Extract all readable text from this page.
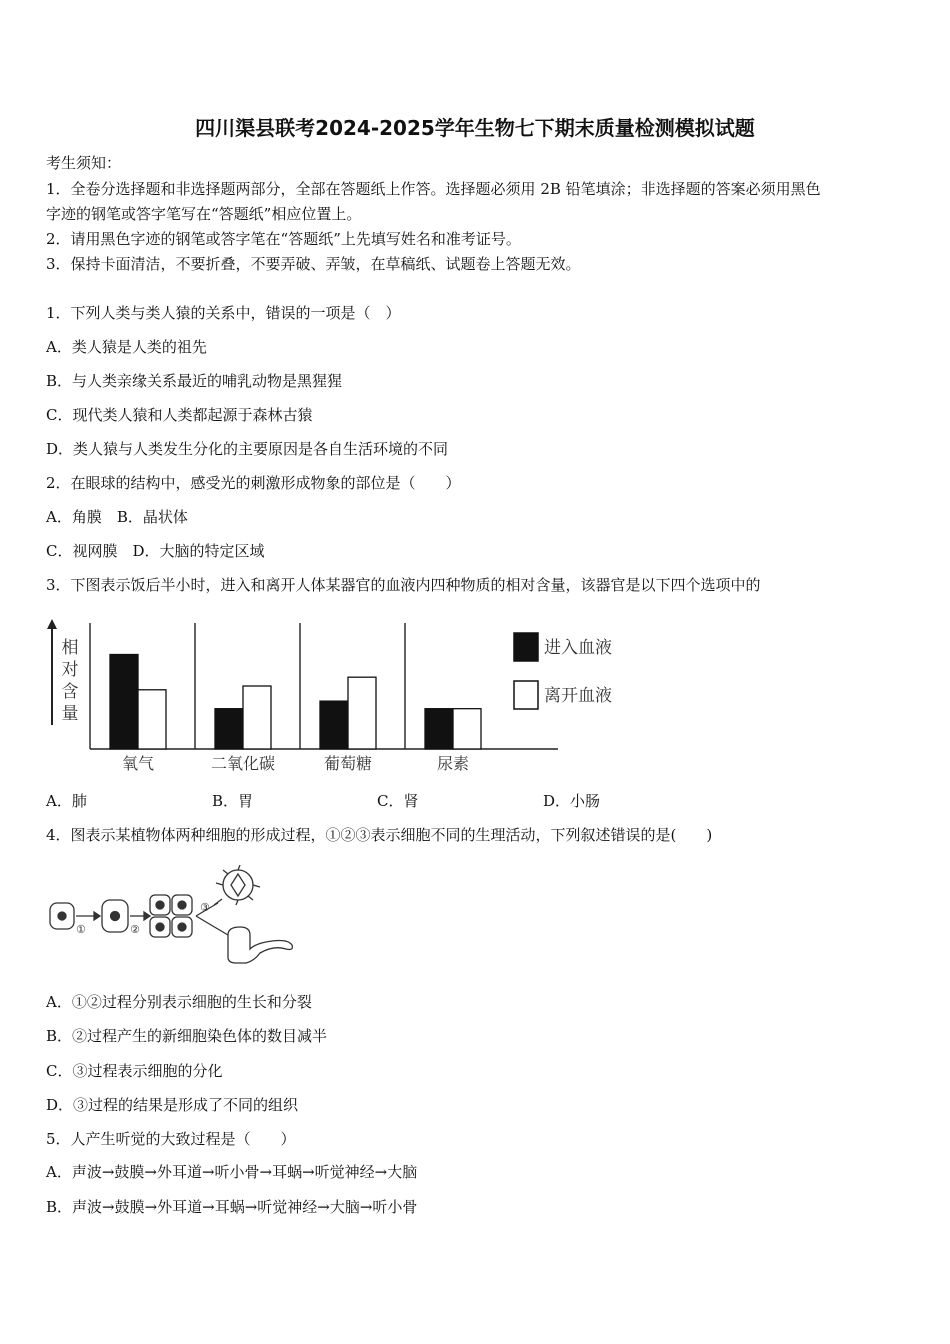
四川渠县联考2024-2025学年生物七下期末质量检测模拟试题
考生须知：
1．全卷分选择题和非选择题两部分，全部在答题纸上作答。选择题必须用 2B 铅笔填涂；非选择题的答案必须用黑色
字迹的钢笔或答字笔写在“答题纸”相应位置上。
2．请用黑色字迹的钢笔或答字笔在“答题纸”上先填写姓名和准考证号。
3．保持卡面清洁，不要折叠，不要弄破、弄皱，在草稿纸、试题卷上答题无效。
1．下列人类与类人猿的关系中，错误的一项是（　）
A．类人猿是人类的祖先
B．与人类亲缘关系最近的哺乳动物是黑猩猩
C．现代类人猿和人类都起源于森林古猿
D．类人猿与人类发生分化的主要原因是各自生活环境的不同
2．在眼球的结构中，感受光的刺激形成物象的部位是（　　）
A．角膜　B．晶状体
C．视网膜　D．大脑的特定区域
3．下图表示饭后半小时，进入和离开人体某器官的血液内四种物质的相对含量，该器官是以下四个选项中的
相
对
含
量
氧气	二氧化碳	葡萄糖	尿素
进入血液
离开血液
A．肺	B．胃	C．肾	D．小肠
4．图表示某植物体两种细胞的形成过程，①②③表示细胞不同的生理活动，下列叙述错误的是(　　)
①	②
③
A．①②过程分别表示细胞的生长和分裂
B．②过程产生的新细胞染色体的数目减半
C．③过程表示细胞的分化
D．③过程的结果是形成了不同的组织
5．人产生听觉的大致过程是（　　）
A．声波→鼓膜→外耳道→听小骨→耳蜗→听觉神经→大脑
B．声波→鼓膜→外耳道→耳蜗→听觉神经→大脑→听小骨
